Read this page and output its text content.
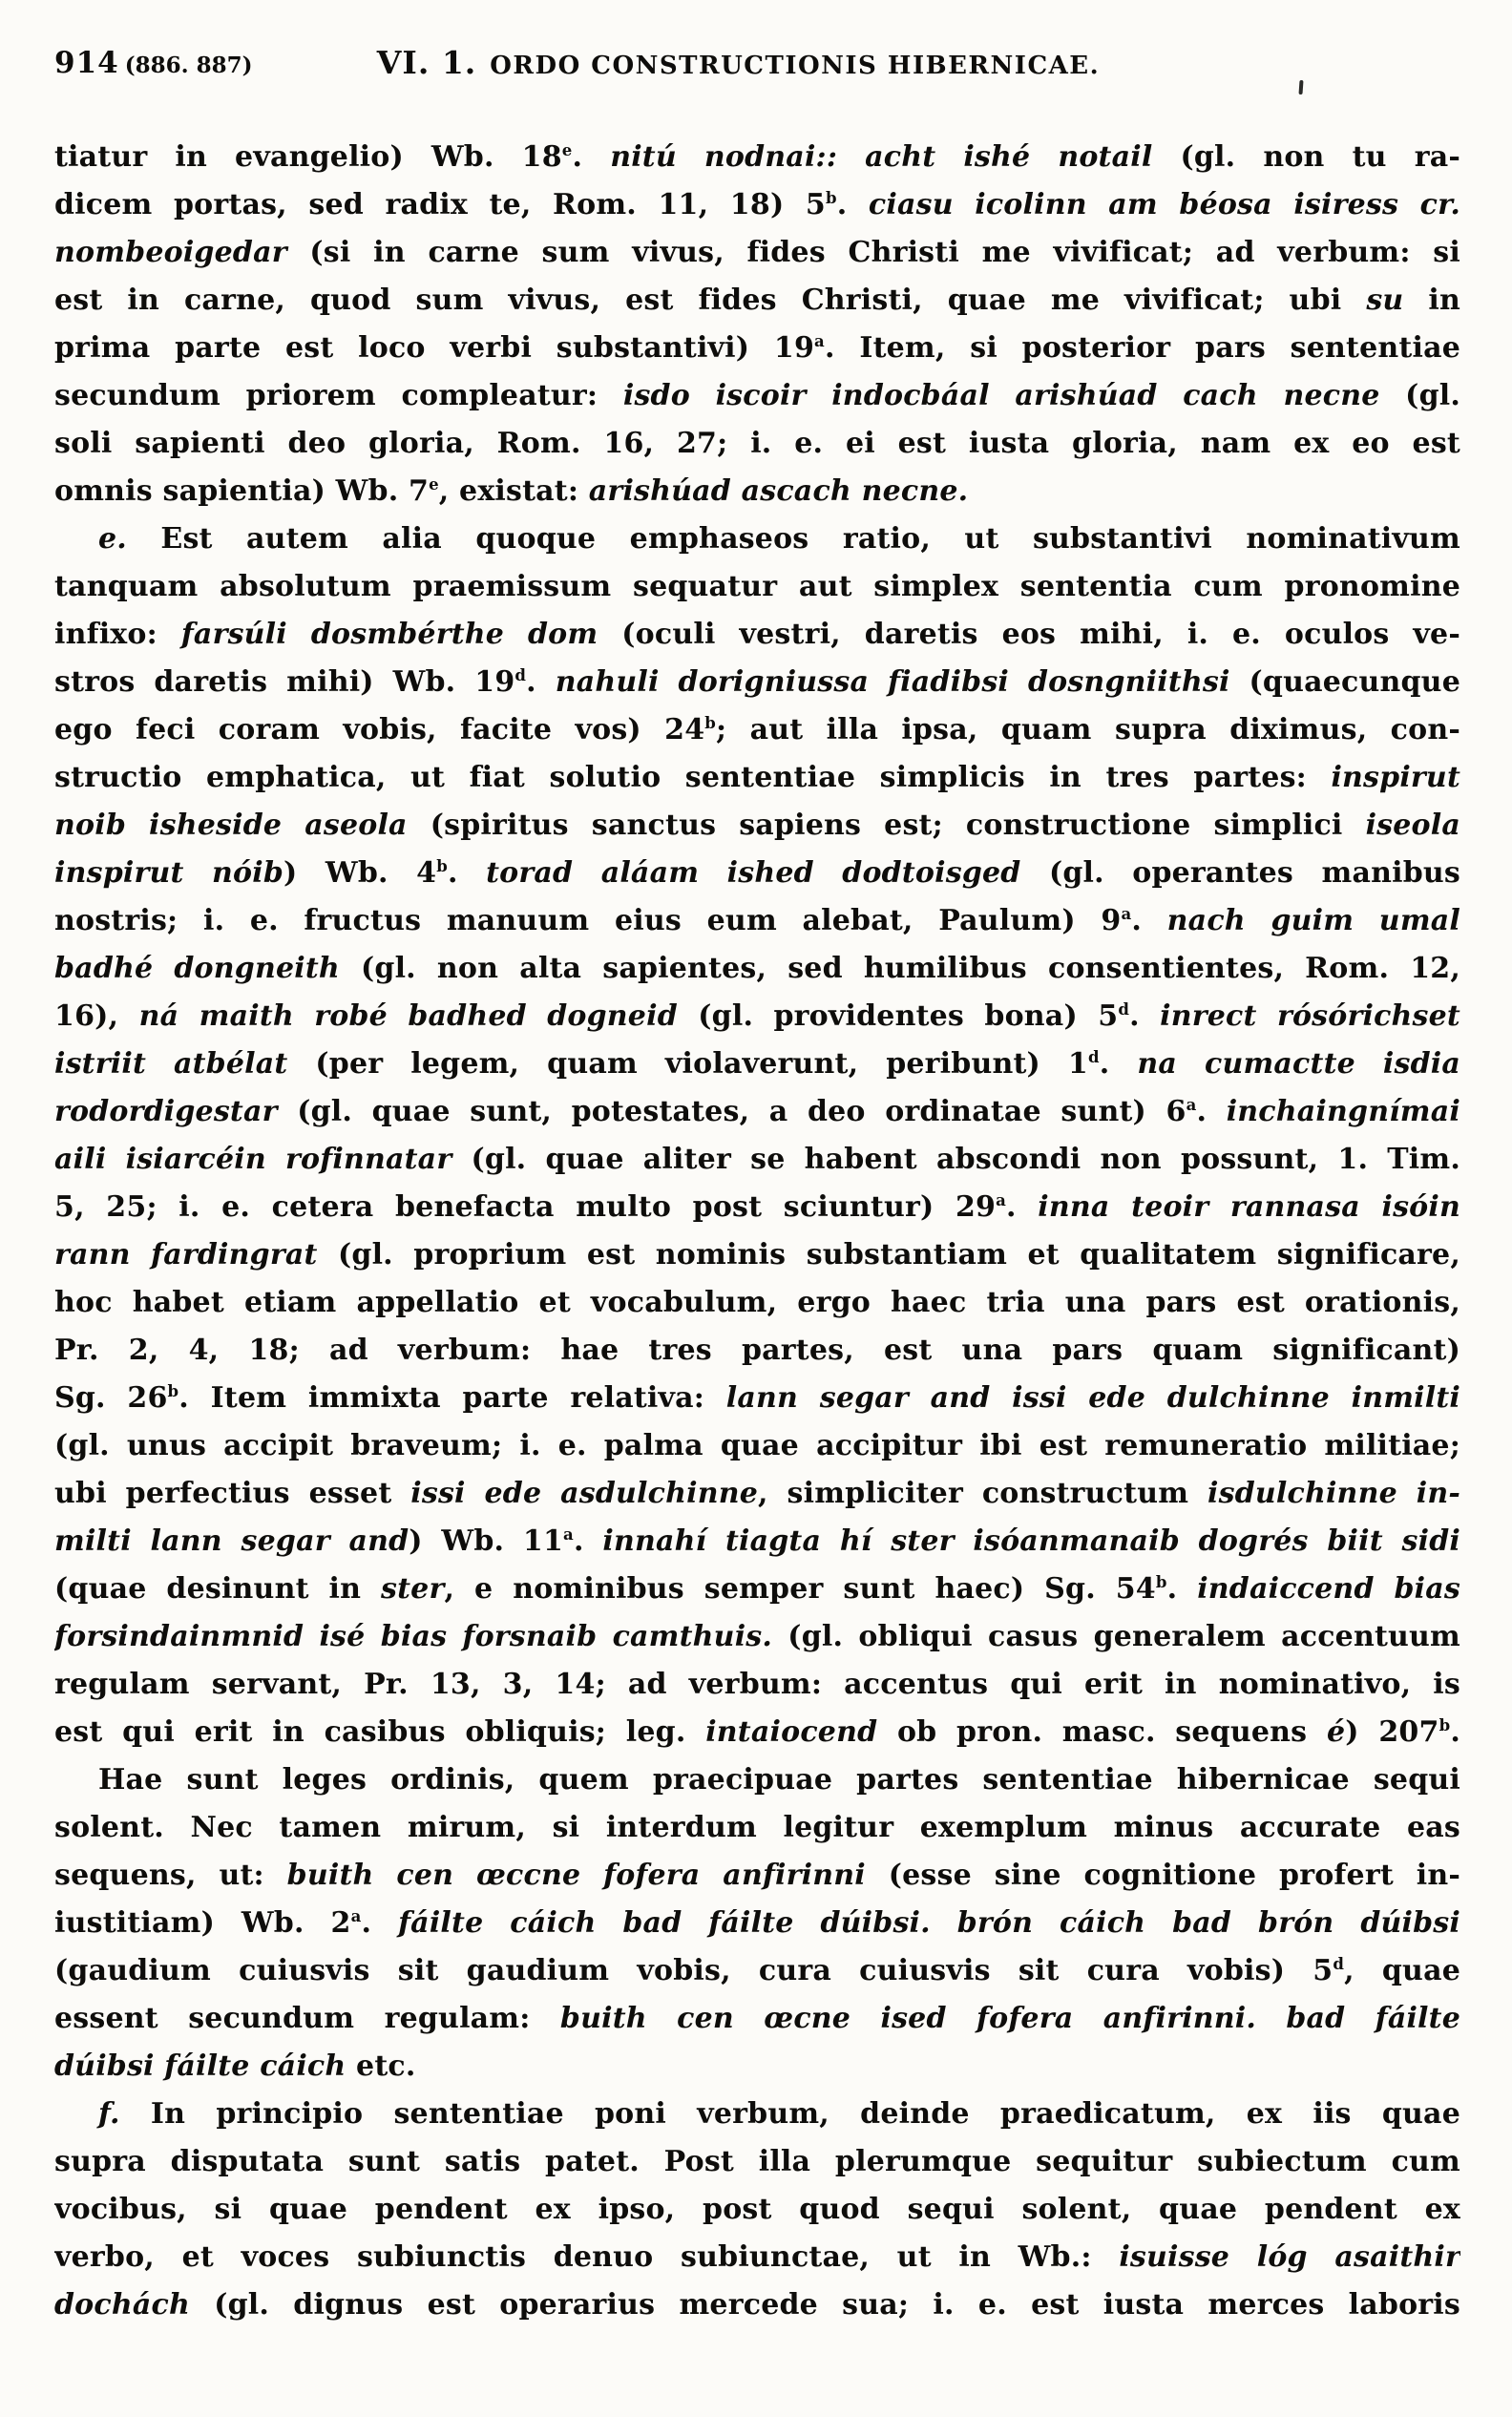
914 (886. 887)	VI. 1. ORDO CONSTRUCTIONIS HIBERNICAE.
tiatur in evangelio) Wb. 18e. nitú nodnai:: acht ishé notail (gl. non tu ra-
dicem portas, sed radix te, Rom. 11, 18) 5$^b$. ciasu icolinn am béosa isiress cr.
nombeoigedar (si in carne sum vivus, fides Christi me vivificat; ad verbum: si
est in carne, quod sum vivus, est fides Christi, quae me vivificat; ubi su in
prima parte est loco verbi substantivi) 19$^a$. Item, si posterior pars sententiae
secundum priorem compleatur: isdo iscoir indocbáal arishúad cach necne (gl.
soli sapienti deo gloria, Rom. 16, 27; i. e. ei est iusta gloria, nam ex eo est
omnis sapientia) Wb. 7e, existat: arishúad ascach necne.
e. Est autem alia quoque emphaseos ratio, ut substantivi nominativum
tanquam absolutum praemissum sequatur aut simplex sententia cum pronomine
infixo: farsúli dosmbérthe dom (oculi vestri, daretis eos mihi, i. e. oculos ve-
stros daretis mihi) Wb. 19$^d$. nahuli dorigniussa fiadibsi dosngniithsi (quaecunque
ego feci coram vobis, facite vos) 24$^b$; aut illa ipsa, quam supra diximus, con-
structio emphatica, ut fiat solutio sententiae simplicis in tres partes: inspirut
noib isheside aseola (spiritus sanctus sapiens est; constructione simplici iseola
inspirut nóib) Wb. 4$^b$. torad aláam ished dodtoisged (gl. operantes manibus
nostris; i. e. fructus manuum eius eum alebat, Paulum) 9$^a$. nach guim umal
badhé dongneith (gl. non alta sapientes, sed humilibus consentientes, Rom. 12,
16), ná maith robé badhed dogneid (gl. providentes bona) 5$^d$. inrect rósórichset
istriit atbélat (per legem, quam violaverunt, peribunt) 1$^d$. na cumactte isdia
rodordigestar (gl. quae sunt, potestates, a deo ordinatae sunt) 6$^a$. inchaingnímai
aili isiarcéin rofinnatar (gl. quae aliter se habent abscondi non possunt, 1. Tim.
5, 25; i. e. cetera benefacta multo post sciuntur) 29$^a$. inna teoir rannasa isóin
rann fardingrat (gl. proprium est nominis substantiam et qualitatem significare,
hoc habet etiam appellatio et vocabulum, ergo haec tria una pars est orationis,
Pr. 2, 4, 18; ad verbum: hae tres partes, est una pars quam significant)
Sg. 26$^b$. Item immixta parte relativa: lann segar and issi ede dulchinne inmilti
(gl. unus accipit braveum; i. e. palma quae accipitur ibi est remuneratio militiae;
ubi perfectius esset issi ede asdulchinne, simpliciter constructum isdulchinne in-
milti lann segar and) Wb. 11$^a$. innahí tiagta hí ster isóanmanaib dogrés biit sidi
(quae desinunt in ster, e nominibus semper sunt haec) Sg. 54$^b$. indaiccend bias
forsindainmnid isé bias forsnaib camthuis. (gl. obliqui casus generalem accentuum
regulam servant, Pr. 13, 3, 14; ad verbum: accentus qui erit in nominativo, is
est qui erit in casibus obliquis; leg. intaiocend ob pron. masc. sequens é) 207$^b$.
Hae sunt leges ordinis, quem praecipuae partes sententiae hibernicae sequi
solent. Nec tamen mirum, si interdum legitur exemplum minus accurate eas
sequens, ut: buith cen œccne fofera anfirinni (esse sine cognitione profert in-
iustitiam) Wb. 2$^a$. fáilte cáich bad fáilte dúibsi. brón cáich bad brón dúibsi
(gaudium cuiusvis sit gaudium vobis, cura cuiusvis sit cura vobis) 5$^d$, quae
essent secundum regulam: buith cen œcne ised fofera anfirinni. bad fáilte
dúibsi fáilte cáich etc.
f. In principio sententiae poni verbum, deinde praedicatum, ex iis quae
supra disputata sunt satis patet. Post illa plerumque sequitur subiectum cum
vocibus, si quae pendent ex ipso, post quod sequi solent, quae pendent ex
verbo, et voces subiunctis denuo subiunctae, ut in Wb.: isuisse lóg asaithir
dochách (gl. dignus est operarius mercede sua; i. e. est iusta merces laboris
